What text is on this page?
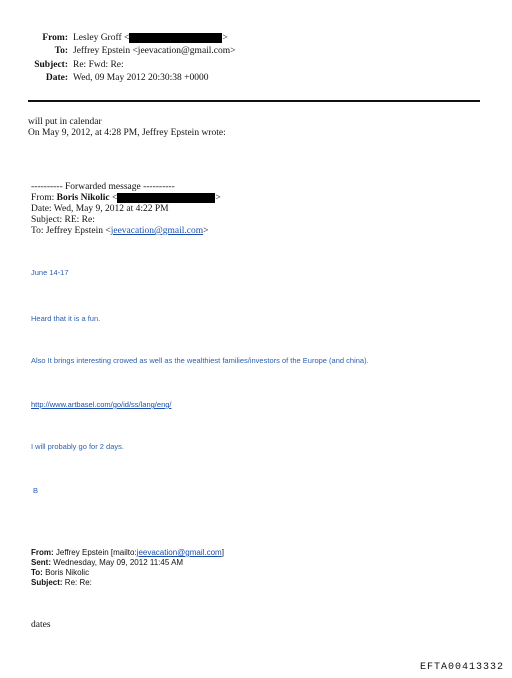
From: Lesley Groff <	>
To: Jeffrey Epstein <jeevacation@gmail.com>
Subject: Re: Fwd: Re:
Date: Wed, 09 May 2012 20:30:38 +0000
will put in calendar
On May 9, 2012, at 4:28 PM, Jeffrey Epstein wrote:
---------- Forwarded message ----------
From: Boris Nikolic <	>
Date: Wed, May 9, 2012 at 4:22 PM
Subject: RE: Re:
To: Jeffrey Epstein <jeevacation@gmail.com>
June 14-17
Heard that it is a fun.
Also It brings interesting crowed as well as the wealthiest families/investors of the Europe (and china).
http://www.artbasel.com/go/id/ss/lang/eng/
I will probably go for 2 days.
B
From: Jeffrey Epstein [mailto:jeevacation@gmail.com]
Sent: Wednesday, May 09, 2012 11:45 AM
To: Boris Nikolic
Subject: Re: Re:
dates
EFTA00413332
